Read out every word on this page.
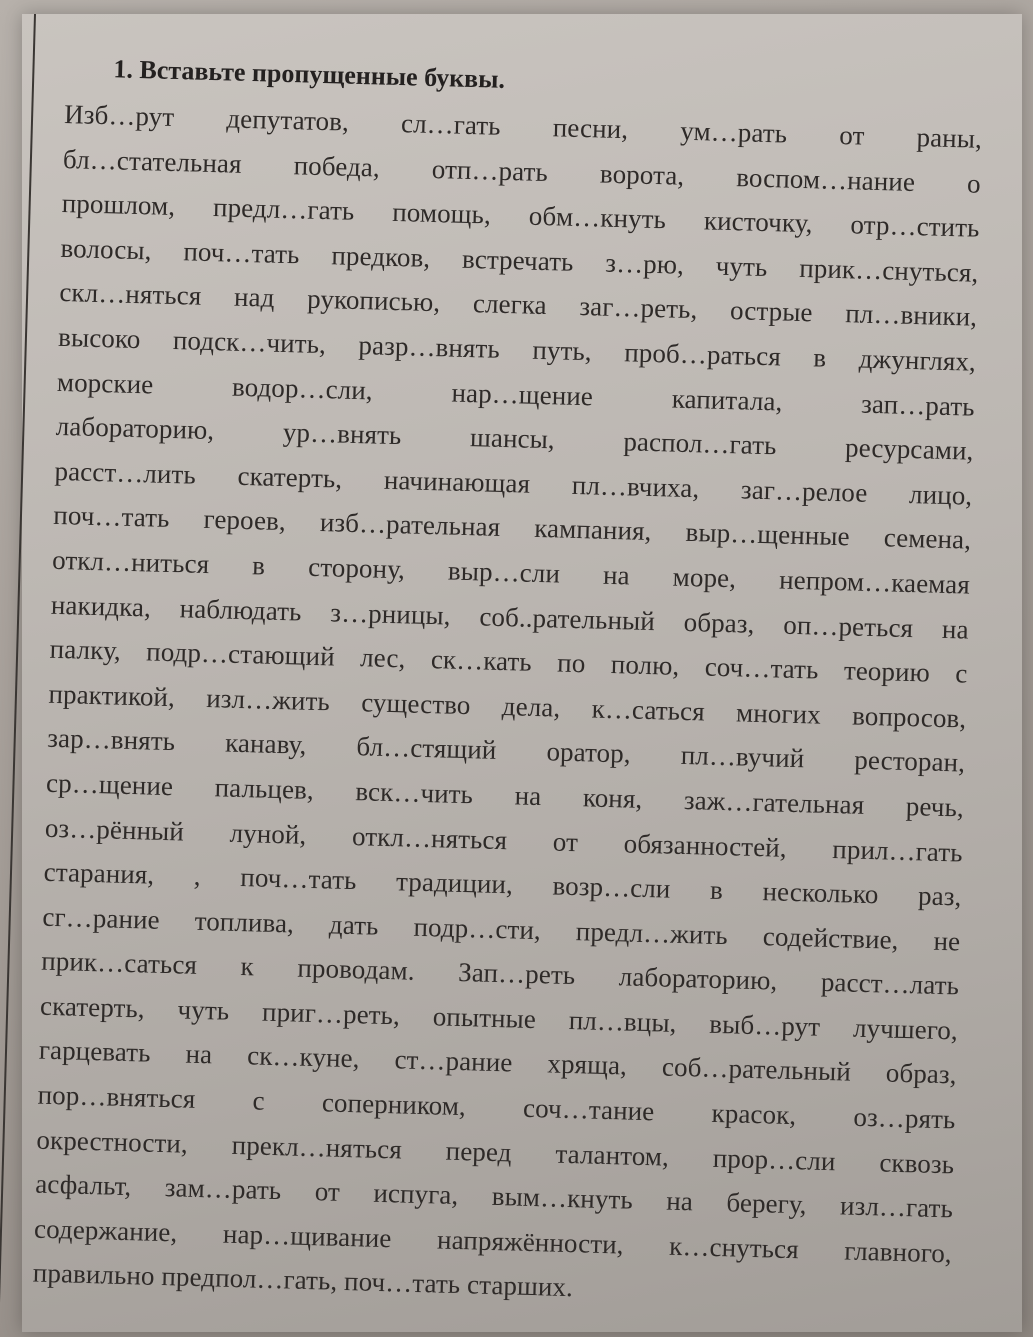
1. Вставьте пропущенные буквы.
Изб…рут депутатов, сл…гать песни, ум…рать от раны,
бл…стательная победа, отп…рать ворота, воспом…нание о
прошлом, предл…гать помощь, обм…кнуть кисточку, отр…стить
волосы, поч…тать предков, встречать з…рю, чуть прик…снуться,
скл…няться над рукописью, слегка заг…реть, острые пл…вники,
высоко подск…чить, разр…внять путь, проб…раться в джунглях,
морские водор…сли, нар…щение капитала, зап…рать
лабораторию, ур…внять шансы, распол…гать ресурсами,
расст…лить скатерть, начинающая пл…вчиха, заг…релое лицо,
поч…тать героев, изб…рательная кампания, выр…щенные семена,
откл…ниться в сторону, выр…сли на море, непром…каемая
накидка, наблюдать з…рницы, соб..рательный образ, оп…реться на
палку, подр…стающий лес, ск…кать по полю, соч…тать теорию с
практикой, изл…жить существо дела, к…саться многих вопросов,
зар…внять канаву, бл…стящий оратор, пл…вучий ресторан,
ср…щение пальцев, вск…чить на коня, заж…гательная речь,
оз…рённый луной, откл…няться от обязанностей, прил…гать
старания, , поч…тать традиции, возр…сли в несколько раз,
сг…рание топлива, дать подр…сти, предл…жить содействие, не
прик…саться к проводам. Зап…реть лабораторию, расст…лать
скатерть, чуть приг…реть, опытные пл…вцы, выб…рут лучшего,
гарцевать на ск…куне, ст…рание хряща, соб…рательный образ,
пор…вняться с соперником, соч…тание красок, оз…рять
окрестности, прекл…няться перед талантом, прор…сли сквозь
асфальт, зам…рать от испуга, вым…кнуть на берегу, изл…гать
содержание, нар…щивание напряжённости, к…снуться главного,
правильно предпол…гать, поч…тать старших.
